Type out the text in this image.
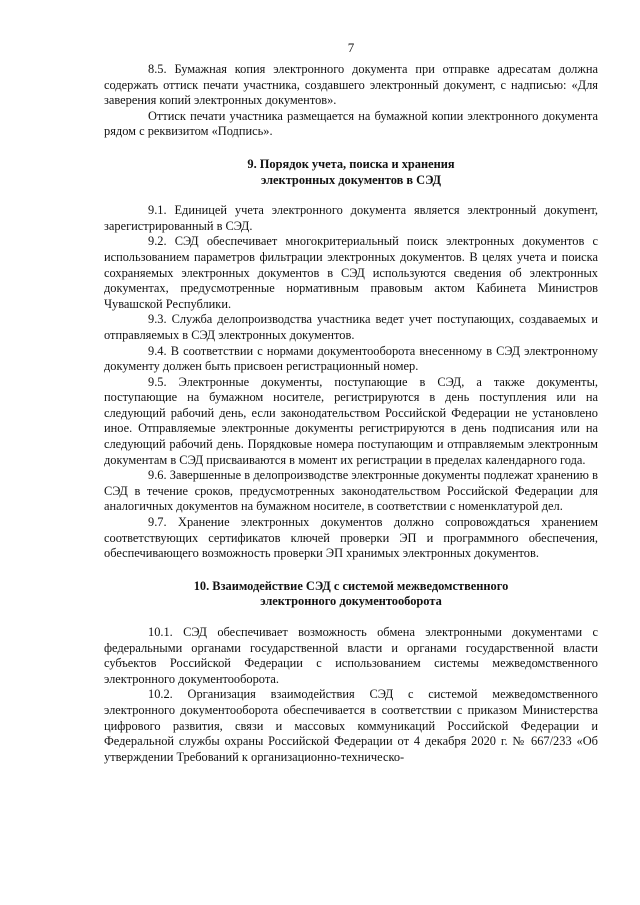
7

8.5. Бумажная копия электронного документа при отправке адресатам должна содержать оттиск печати участника, создавшего электронный документ, с надписью: «Для заверения копий электронных документов».

Оттиск печати участника размещается на бумажной копии электронного документа рядом с реквизитом «Подпись».

9. Порядок учета, поиска и хранения
электронных документов в СЭД

9.1. Единицей учета электронного документа является электронный докуmент, зарегистрированный в СЭД.

9.2. СЭД обеспечивает многокритериальный поиск электронных документов с использованием параметров фильтрации электронных документов. В целях учета и поиска сохраняемых электронных документов в СЭД используются сведения об электронных документах, предусмотренные нормативным правовым актом Кабинета Министров Чувашской Республики.

9.3. Служба делопроизводства участника ведет учет поступающих, создаваемых и отправляемых в СЭД электронных документов.

9.4. В соответствии с нормами документооборота внесенному в СЭД электронному документу должен быть присвоен регистрационный номер.

9.5. Электронные документы, поступающие в СЭД, а также документы, поступающие на бумажном носителе, регистрируются в день поступления или на следующий рабочий день, если законодательством Российской Федерации не установлено иное. Отправляемые электронные документы регистрируются в день подписания или на следующий рабочий день. Порядковые номера поступающим и отправляемым электронным документам в СЭД присваиваются в момент их регистрации в пределах календарного года.

9.6. Завершенные в делопроизводстве электронные документы подлежат хранению в СЭД в течение сроков, предусмотренных законодательством Российской Федерации для аналогичных документов на бумажном носителе, в соответствии с номенклатурой дел.

9.7. Хранение электронных документов должно сопровождаться хранением соответствующих сертификатов ключей проверки ЭП и программного обеспечения, обеспечивающего возможность проверки ЭП хранимых электронных документов.

10. Взаимодействие СЭД с системой межведомственного
электронного документооборота

10.1. СЭД обеспечивает возможность обмена электронными документами с федеральными органами государственной власти и органами государственной власти субъектов Российской Федерации с использованием системы межведомственного электронного документооборота.

10.2. Организация взаимодействия СЭД с системой межведомственного электронного документооборота обеспечивается в соответствии с приказом Министерства цифрового развития, связи и массовых коммуникаций Российской Федерации и Федеральной службы охраны Российской Федерации от 4 декабря 2020 г. № 667/233 «Об утверждении Требований к организационно-техническо-
